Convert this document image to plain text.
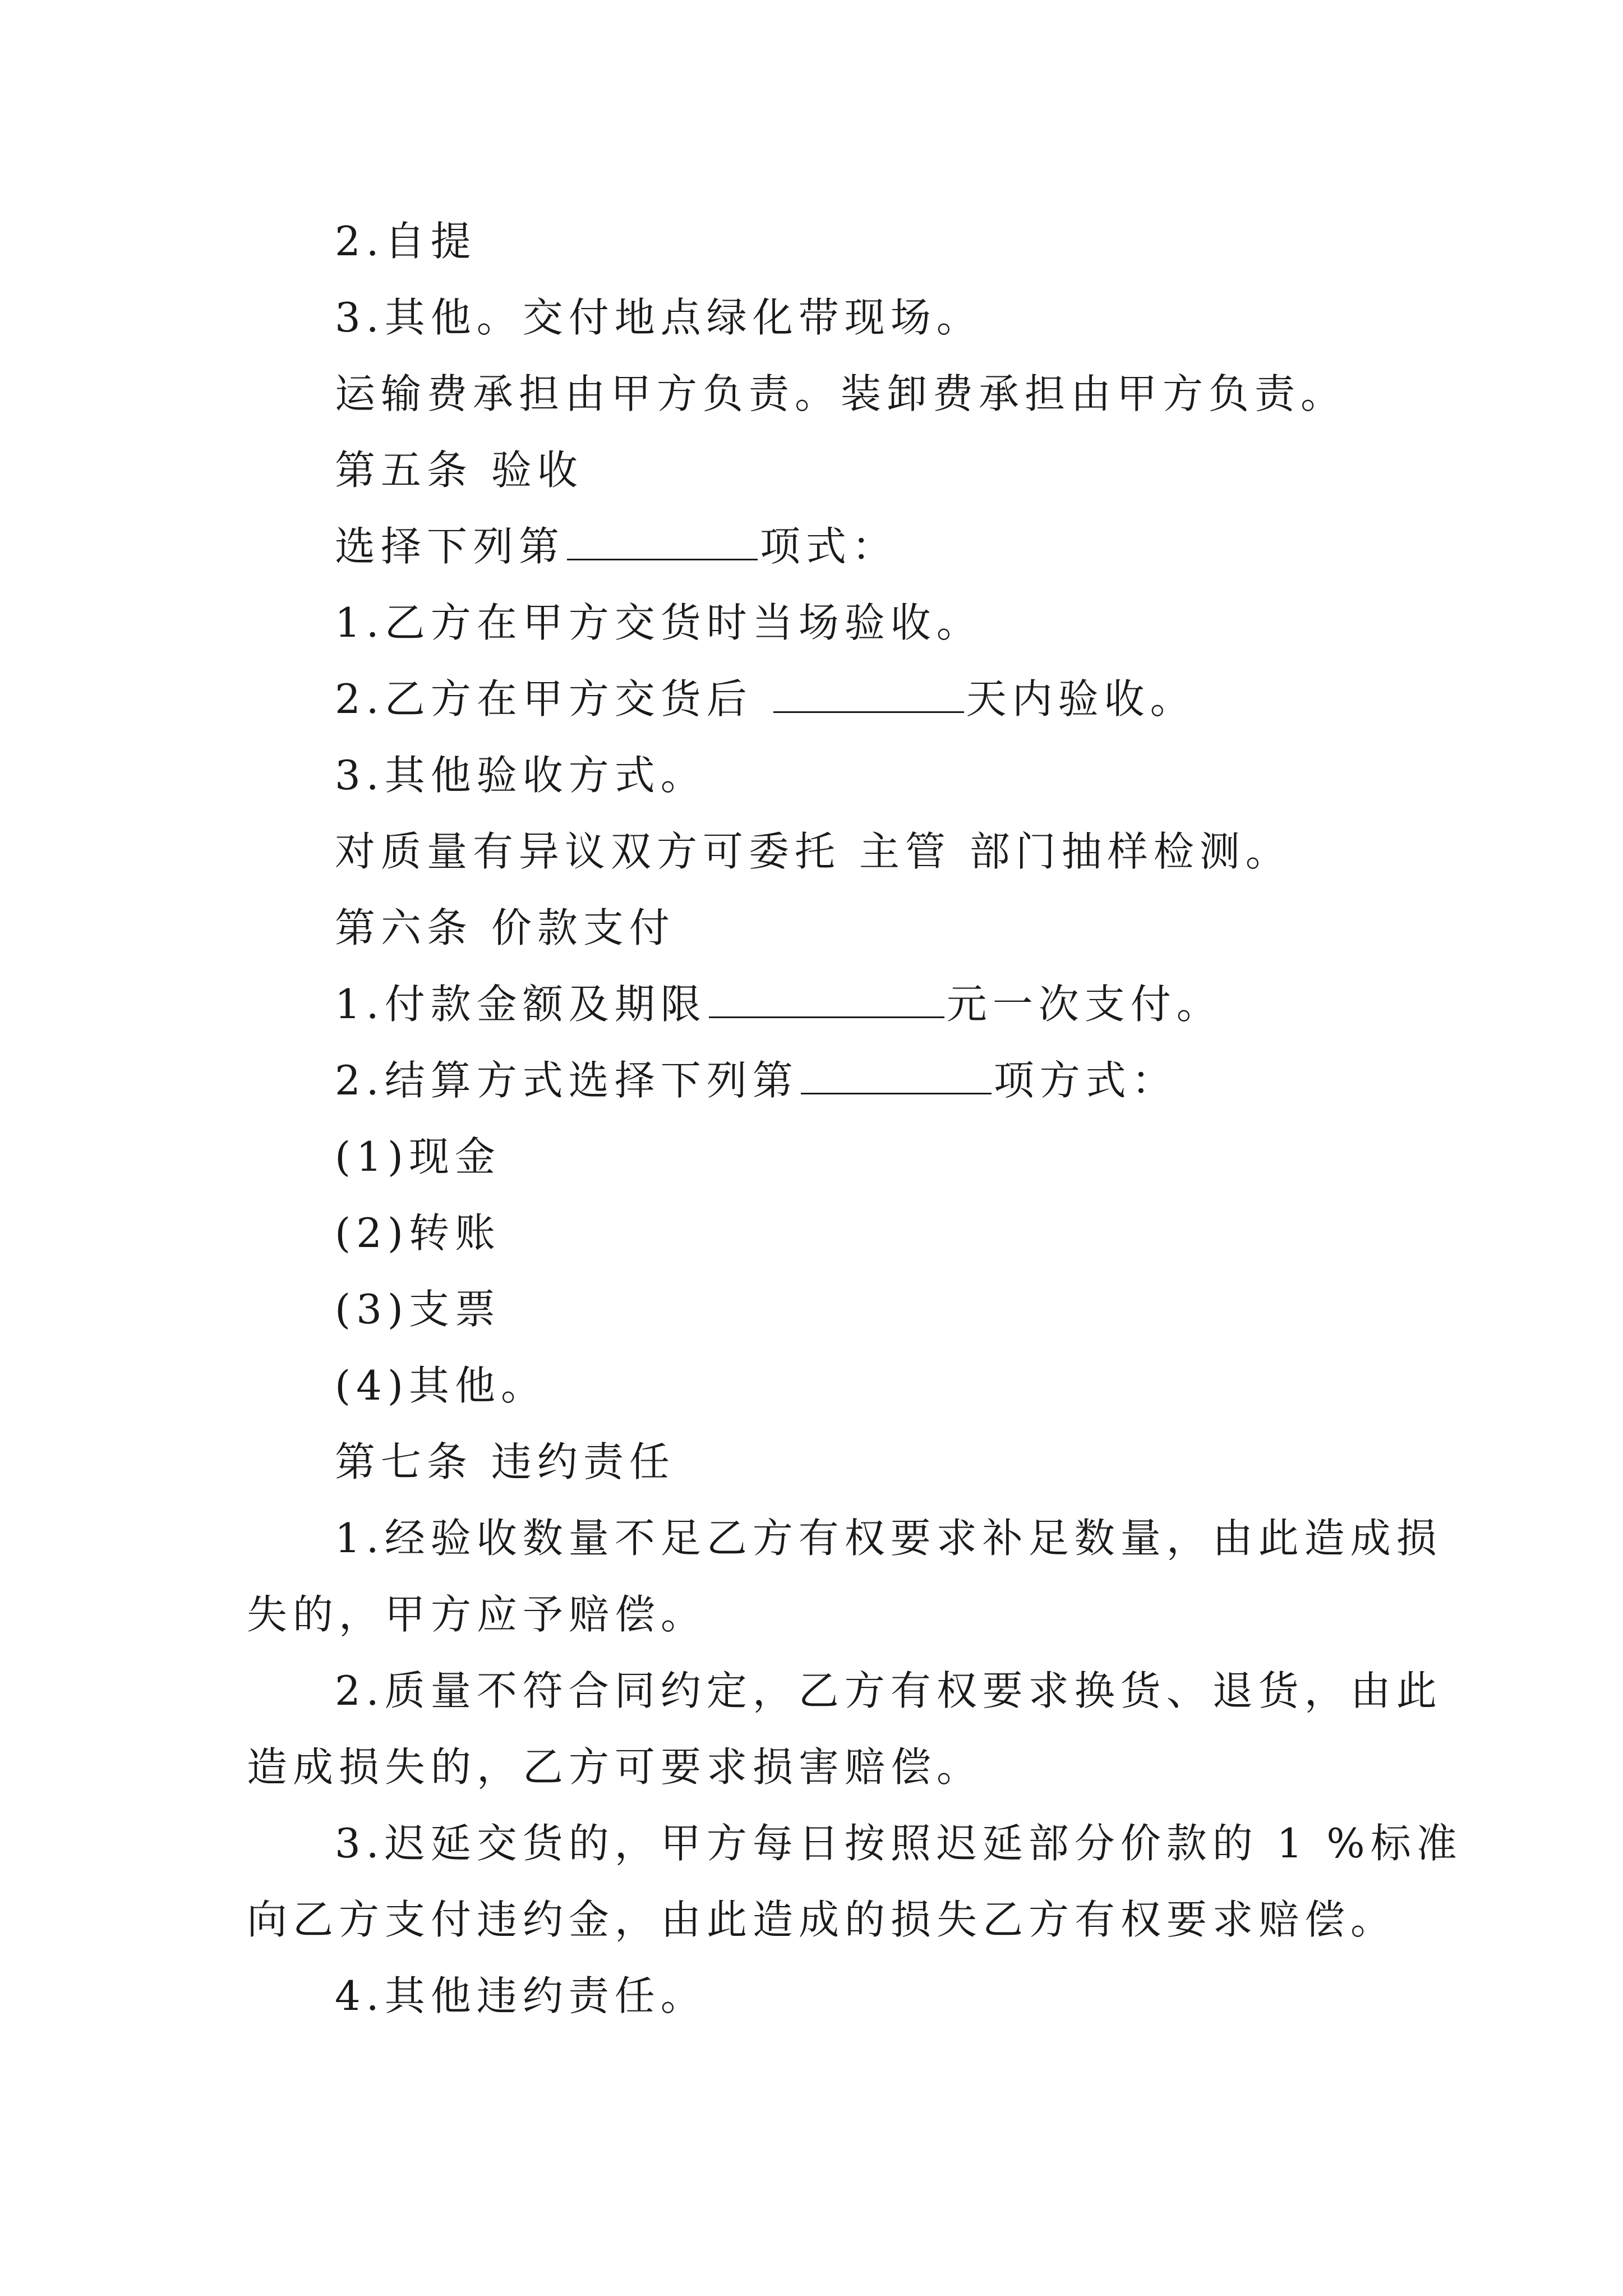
2.自提
3.其他。交付地点绿化带现场。
运输费承担由甲方负责。装卸费承担由甲方负责。
第五条 验收
选择下列第	项式：
1.乙方在甲方交货时当场验收。
2.乙方在甲方交货后	天内验收。
3.其他验收方式。
对质量有异议双方可委托 主管 部门抽样检测。
第六条 价款支付
1.付款金额及期限	元一次支付。
2.结算方式选择下列第	项方式：
(1)现金
(2)转账
(3)支票
(4)其他。
第七条 违约责任
1.经验收数量不足乙方有权要求补足数量，由此造成损
失的，甲方应予赔偿。
2.质量不符合同约定，乙方有权要求换货、退货，由此
造成损失的，乙方可要求损害赔偿。
3.迟延交货的，甲方每日按照迟延部分价款的 1 %标准
向乙方支付违约金，由此造成的损失乙方有权要求赔偿。
4.其他违约责任。
